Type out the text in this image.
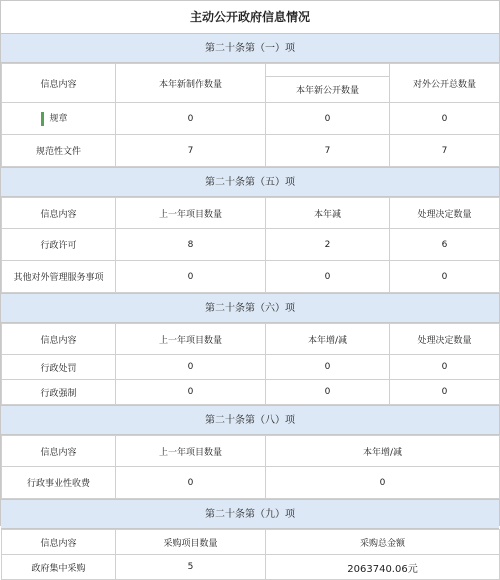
主动公开政府信息情况
第二十条第（一）项
信息内容	本年新制作数量	本年新公开数量	对外公开总数量
规章	0	0	0
规范性文件	7	7	7
第二十条第（五）项
信息内容	上一年项目数量	本年减	处理决定数量
行政许可	8	2	6
其他对外管理服务事项	0	0	0
第二十条第（六）项
信息内容	上一年项目数量	本年增/减	处理决定数量
行政处罚	0	0	0
行政强制	0	0	0
第二十条第（八）项
信息内容	上一年项目数量	本年增/减
行政事业性收费	0	0
第二十条第（九）项
信息内容	采购项目数量	采购总金额
政府集中采购	5	2063740.06元
